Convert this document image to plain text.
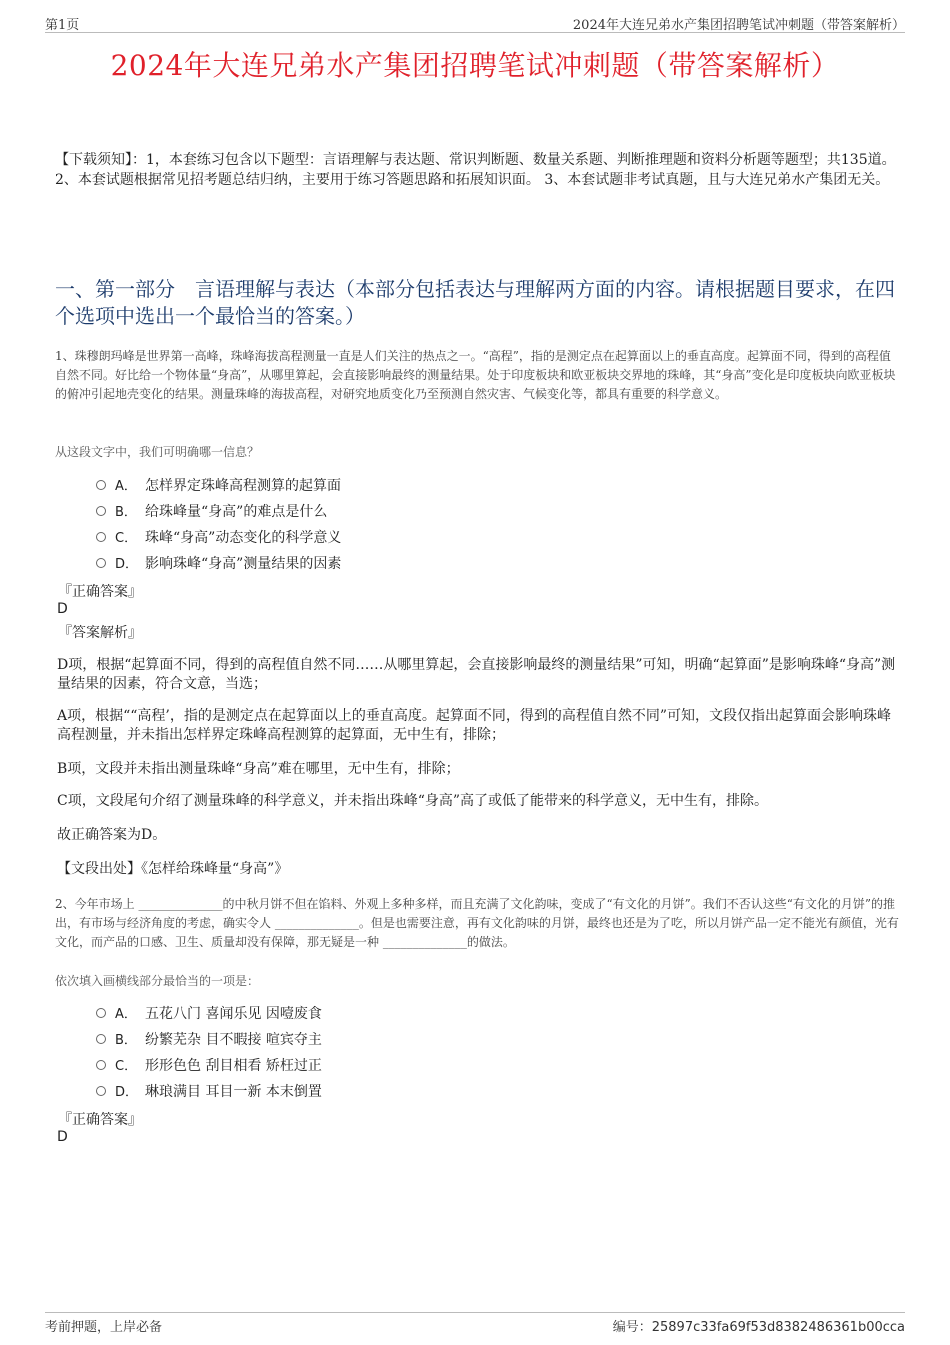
第1页	2024年大连兄弟水产集团招聘笔试冲刺题（带答案解析）
2024年大连兄弟水产集团招聘笔试冲刺题（带答案解析）
【下载须知】：1，本套练习包含以下题型：言语理解与表达题、常识判断题、数量关系题、判断推理题和资料分析题等题型；共135道。 2、本套试题根据常见招考题总结归纳，主要用于练习答题思路和拓展知识面。 3、本套试题非考试真题，且与大连兄弟水产集团无关。
一、第一部分　言语理解与表达（本部分包括表达与理解两方面的内容。请根据题目要求，在四个选项中选出一个最恰当的答案。）
1、珠穆朗玛峰是世界第一高峰，珠峰海拔高程测量一直是人们关注的热点之一。“高程”，指的是测定点在起算面以上的垂直高度。起算面不同，得到的高程值自然不同。好比给一个物体量“身高”，从哪里算起，会直接影响最终的测量结果。处于印度板块和欧亚板块交界地的珠峰，其“身高”变化是印度板块向欧亚板块的俯冲引起地壳变化的结果。测量珠峰的海拔高程，对研究地质变化乃至预测自然灾害、气候变化等，都具有重要的科学意义。
从这段文字中，我们可明确哪一信息？
A． 怎样界定珠峰高程测算的起算面
B． 给珠峰量“身高”的难点是什么
C． 珠峰“身高”动态变化的科学意义
D． 影响珠峰“身高”测量结果的因素
『正确答案』
D
『答案解析』
D项，根据“起算面不同，得到的高程值自然不同……从哪里算起，会直接影响最终的测量结果”可知，明确“起算面”是影响珠峰“身高”测量结果的因素，符合文意，当选；
A项，根据““高程’，指的是测定点在起算面以上的垂直高度。起算面不同，得到的高程值自然不同”可知，文段仅指出起算面会影响珠峰高程测量，并未指出怎样界定珠峰高程测算的起算面，无中生有，排除；
B项，文段并未指出测量珠峰“身高”难在哪里，无中生有，排除；
C项，文段尾句介绍了测量珠峰的科学意义，并未指出珠峰“身高”高了或低了能带来的科学意义，无中生有，排除。
故正确答案为D。
【文段出处】《怎样给珠峰量“身高”》
2、今年市场上 ______________的中秋月饼不但在馅料、外观上多种多样，而且充满了文化韵味，变成了“有文化的月饼”。我们不否认这些“有文化的月饼”的推出，有市场与经济角度的考虑，确实令人 ______________。但是也需要注意，再有文化韵味的月饼，最终也还是为了吃，所以月饼产品一定不能光有颜值，光有文化，而产品的口感、卫生、质量却没有保障，那无疑是一种 ______________的做法。
依次填入画横线部分最恰当的一项是：
A． 五花八门 喜闻乐见 因噎废食
B． 纷繁芜杂 目不暇接 喧宾夺主
C． 形形色色 刮目相看 矫枉过正
D． 琳琅满目 耳目一新 本末倒置
『正确答案』
D
考前押题，上岸必备	编号：25897c33fa69f53d8382486361b00cca
